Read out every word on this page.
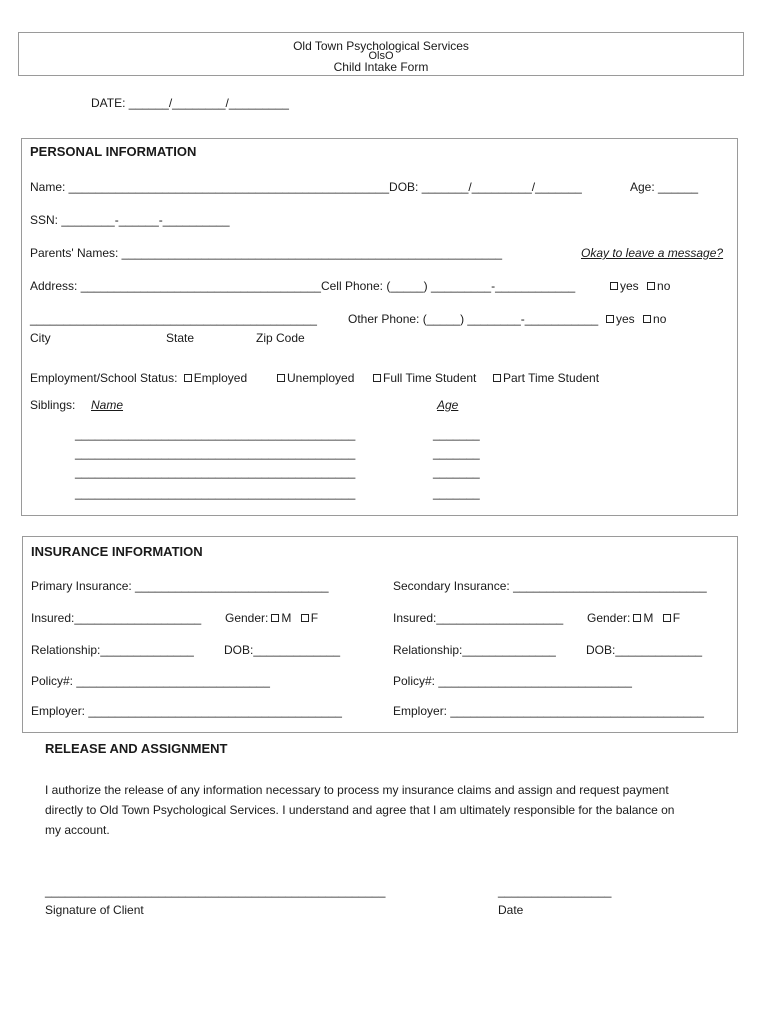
Old Town Psychological Services
OlsO
Child Intake Form
DATE: ______/________/_________
PERSONAL INFORMATION
Name: ________________________________________________DOB: _______/_________/_______	Age: ______
SSN: ________-______-__________
Parents' Names: _________________________________________________________	Okay to leave a message?
Address: ____________________________________Cell Phone: (_____) _________-____________	yes no
___________________________________________	Other Phone: (_____) ________-___________	yes no
City	State	Zip Code
Employment/School Status: Employed	Unemployed	Full Time Student	Part Time Student
Siblings: Name	Age
__________________________________________	_______
__________________________________________	_______
__________________________________________	_______
__________________________________________	_______
INSURANCE INFORMATION
Primary Insurance: _____________________________	Secondary Insurance: _____________________________
Insured:___________________ Gender: M F	Insured:___________________ Gender: M F
Relationship:______________	DOB:_____________	Relationship:______________	DOB:_____________
Policy#: _____________________________	Policy#: _____________________________
Employer: ______________________________________	Employer: ______________________________________
RELEASE AND ASSIGNMENT
I authorize the release of any information necessary to process my insurance claims and assign and request payment directly to Old Town Psychological Services. I understand and agree that I am ultimately responsible for the balance on my account.
___________________________________________________	_________________
Signature of Client	Date
